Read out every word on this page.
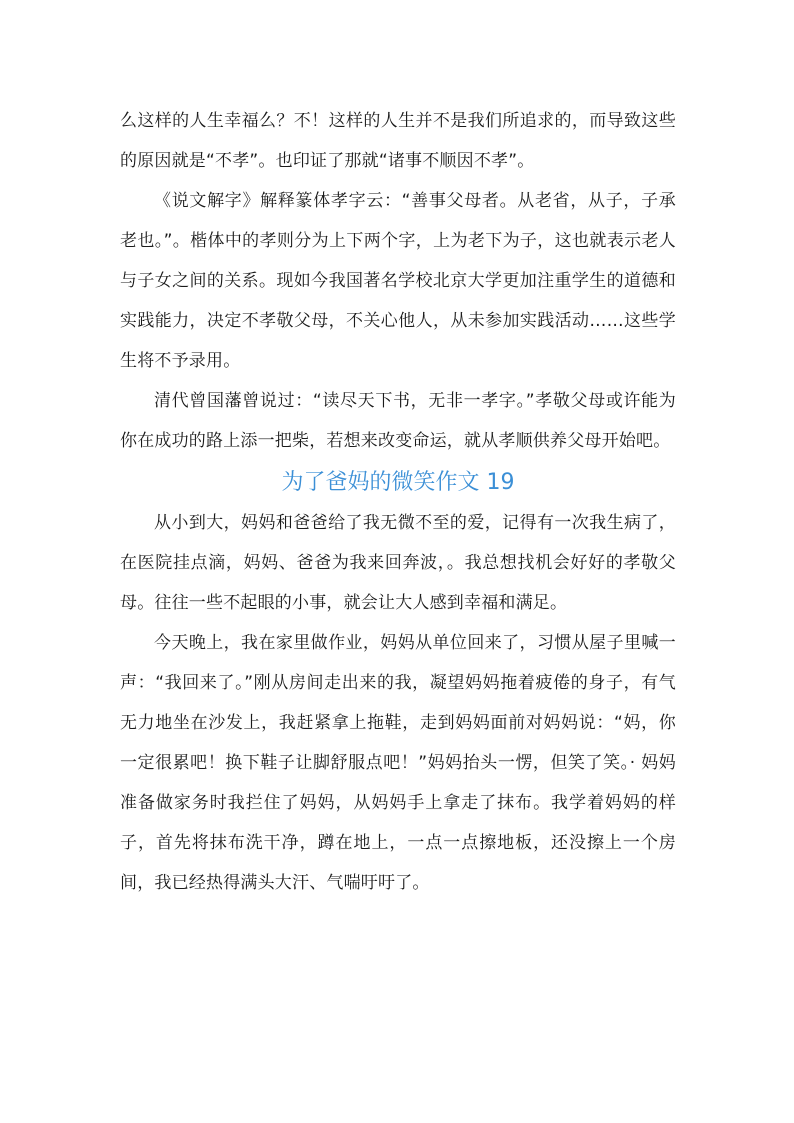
么这样的人生幸福么？不！这样的人生并不是我们所追求的，而导致这些的原因就是“不孝”。也印证了那就“诸事不顺因不孝”。

《说文解字》解释篆体孝字云：“善事父母者。从老省，从子，子承老也。”。楷体中的孝则分为上下两个字，上为老下为子，这也就表示老人与子女之间的关系。现如今我国著名学校北京大学更加注重学生的道德和实践能力，决定不孝敬父母，不关心他人，从未参加实践活动……这些学生将不予录用。

清代曾国藩曾说过：“读尽天下书，无非一孝字。”孝敬父母或许能为你在成功的路上添一把柴，若想来改变命运，就从孝顺供养父母开始吧。

为了爸妈的微笑作文 19

从小到大，妈妈和爸爸给了我无微不至的爱，记得有一次我生病了，在医院挂点滴，妈妈、爸爸为我来回奔波，。我总想找机会好好的孝敬父母。往往一些不起眼的小事，就会让大人感到幸福和满足。

今天晚上，我在家里做作业，妈妈从单位回来了，习惯从屋子里喊一声：“我回来了。”刚从房间走出来的我，凝望妈妈拖着疲倦的身子，有气无力地坐在沙发上，我赶紧拿上拖鞋，走到妈妈面前对妈妈说：“妈，你一定很累吧！换下鞋子让脚舒服点吧！”妈妈抬头一愣，但笑了笑。· 妈妈准备做家务时我拦住了妈妈，从妈妈手上拿走了抹布。我学着妈妈的样子，首先将抹布洗干净，蹲在地上，一点一点擦地板，还没擦上一个房间，我已经热得满头大汗、气喘吁吁了。
